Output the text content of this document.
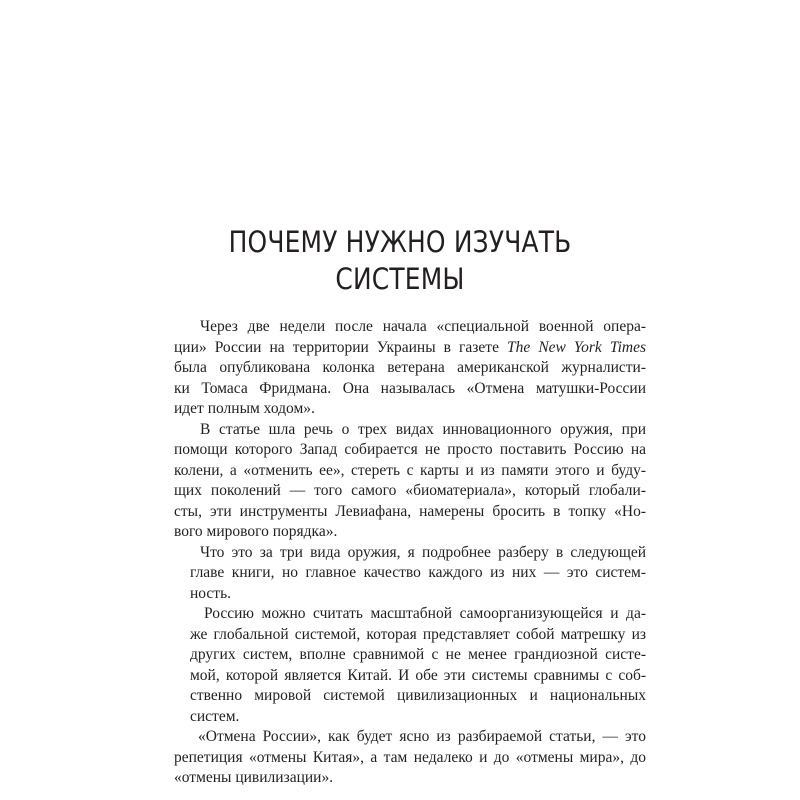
ПОЧЕМУ НУЖНО ИЗУЧАТЬ
СИСТЕМЫ
Через две недели после начала «специальной военной опера-
ции» России на территории Украины в газете The New York Times
была опубликована колонка ветерана американской журналисти-
ки Томаса Фридмана. Она называлась «Отмена матушки-России
идет полным ходом».
В статье шла речь о трех видах инновационного оружия, при
помощи которого Запад собирается не просто поставить Россию на
колени, а «отменить ее», стереть с карты и из памяти этого и буду-
щих поколений — того самого «биоматериала», который глобали-
сты, эти инструменты Левиафана, намерены бросить в топку «Но-
вого мирового порядка».
Что это за три вида оружия, я подробнее разберу в следующей
главе книги, но главное качество каждого из них — это систем-
ность.
Россию можно считать масштабной самоорганизующейся и да-
же глобальной системой, которая представляет собой матрешку из
других систем, вполне сравнимой с не менее грандиозной систе-
мой, которой является Китай. И обе эти системы сравнимы с соб-
ственно мировой системой цивилизационных и национальных
систем.
«Отмена России», как будет ясно из разбираемой статьи, — это
репетиция «отмены Китая», а там недалеко и до «отмены мира», до
«отмены цивилизации».
